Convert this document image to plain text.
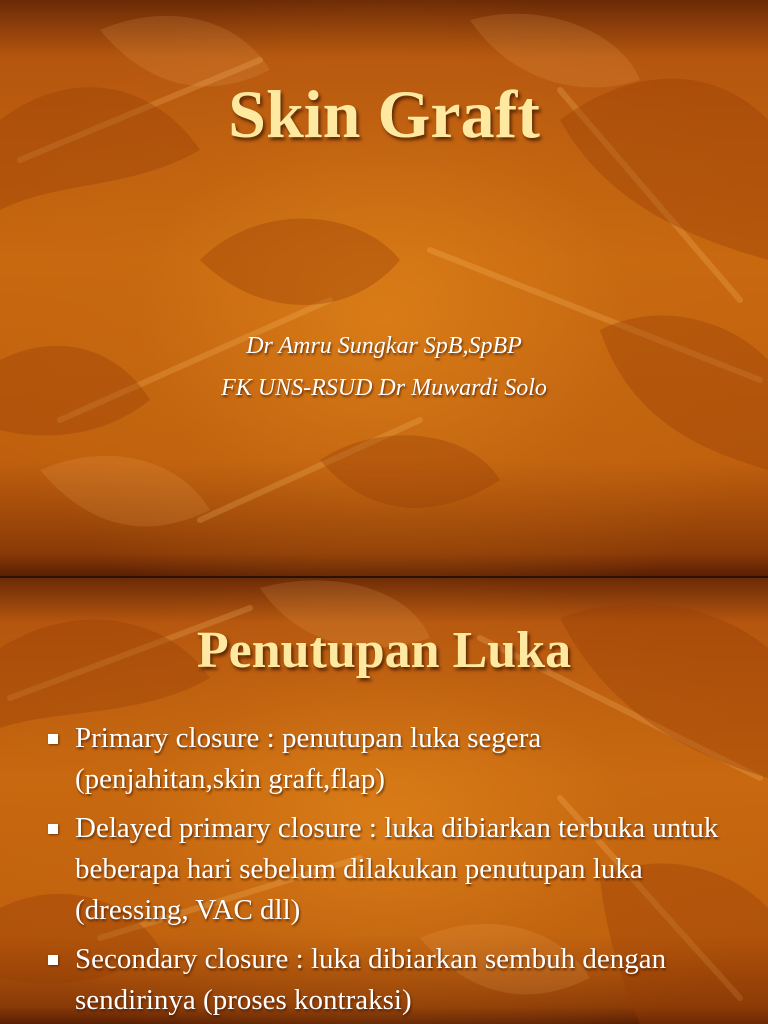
Skin Graft

Dr Amru Sungkar SpB,SpBP

FK UNS-RSUD Dr Muwardi Solo

Penutupan Luka
Primary closure : penutupan luka segera (penjahitan,skin graft,flap)
Delayed primary closure : luka dibiarkan terbuka untuk beberapa hari sebelum dilakukan penutupan luka (dressing, VAC dll)
Secondary closure : luka dibiarkan sembuh dengan sendirinya (proses kontraksi)
